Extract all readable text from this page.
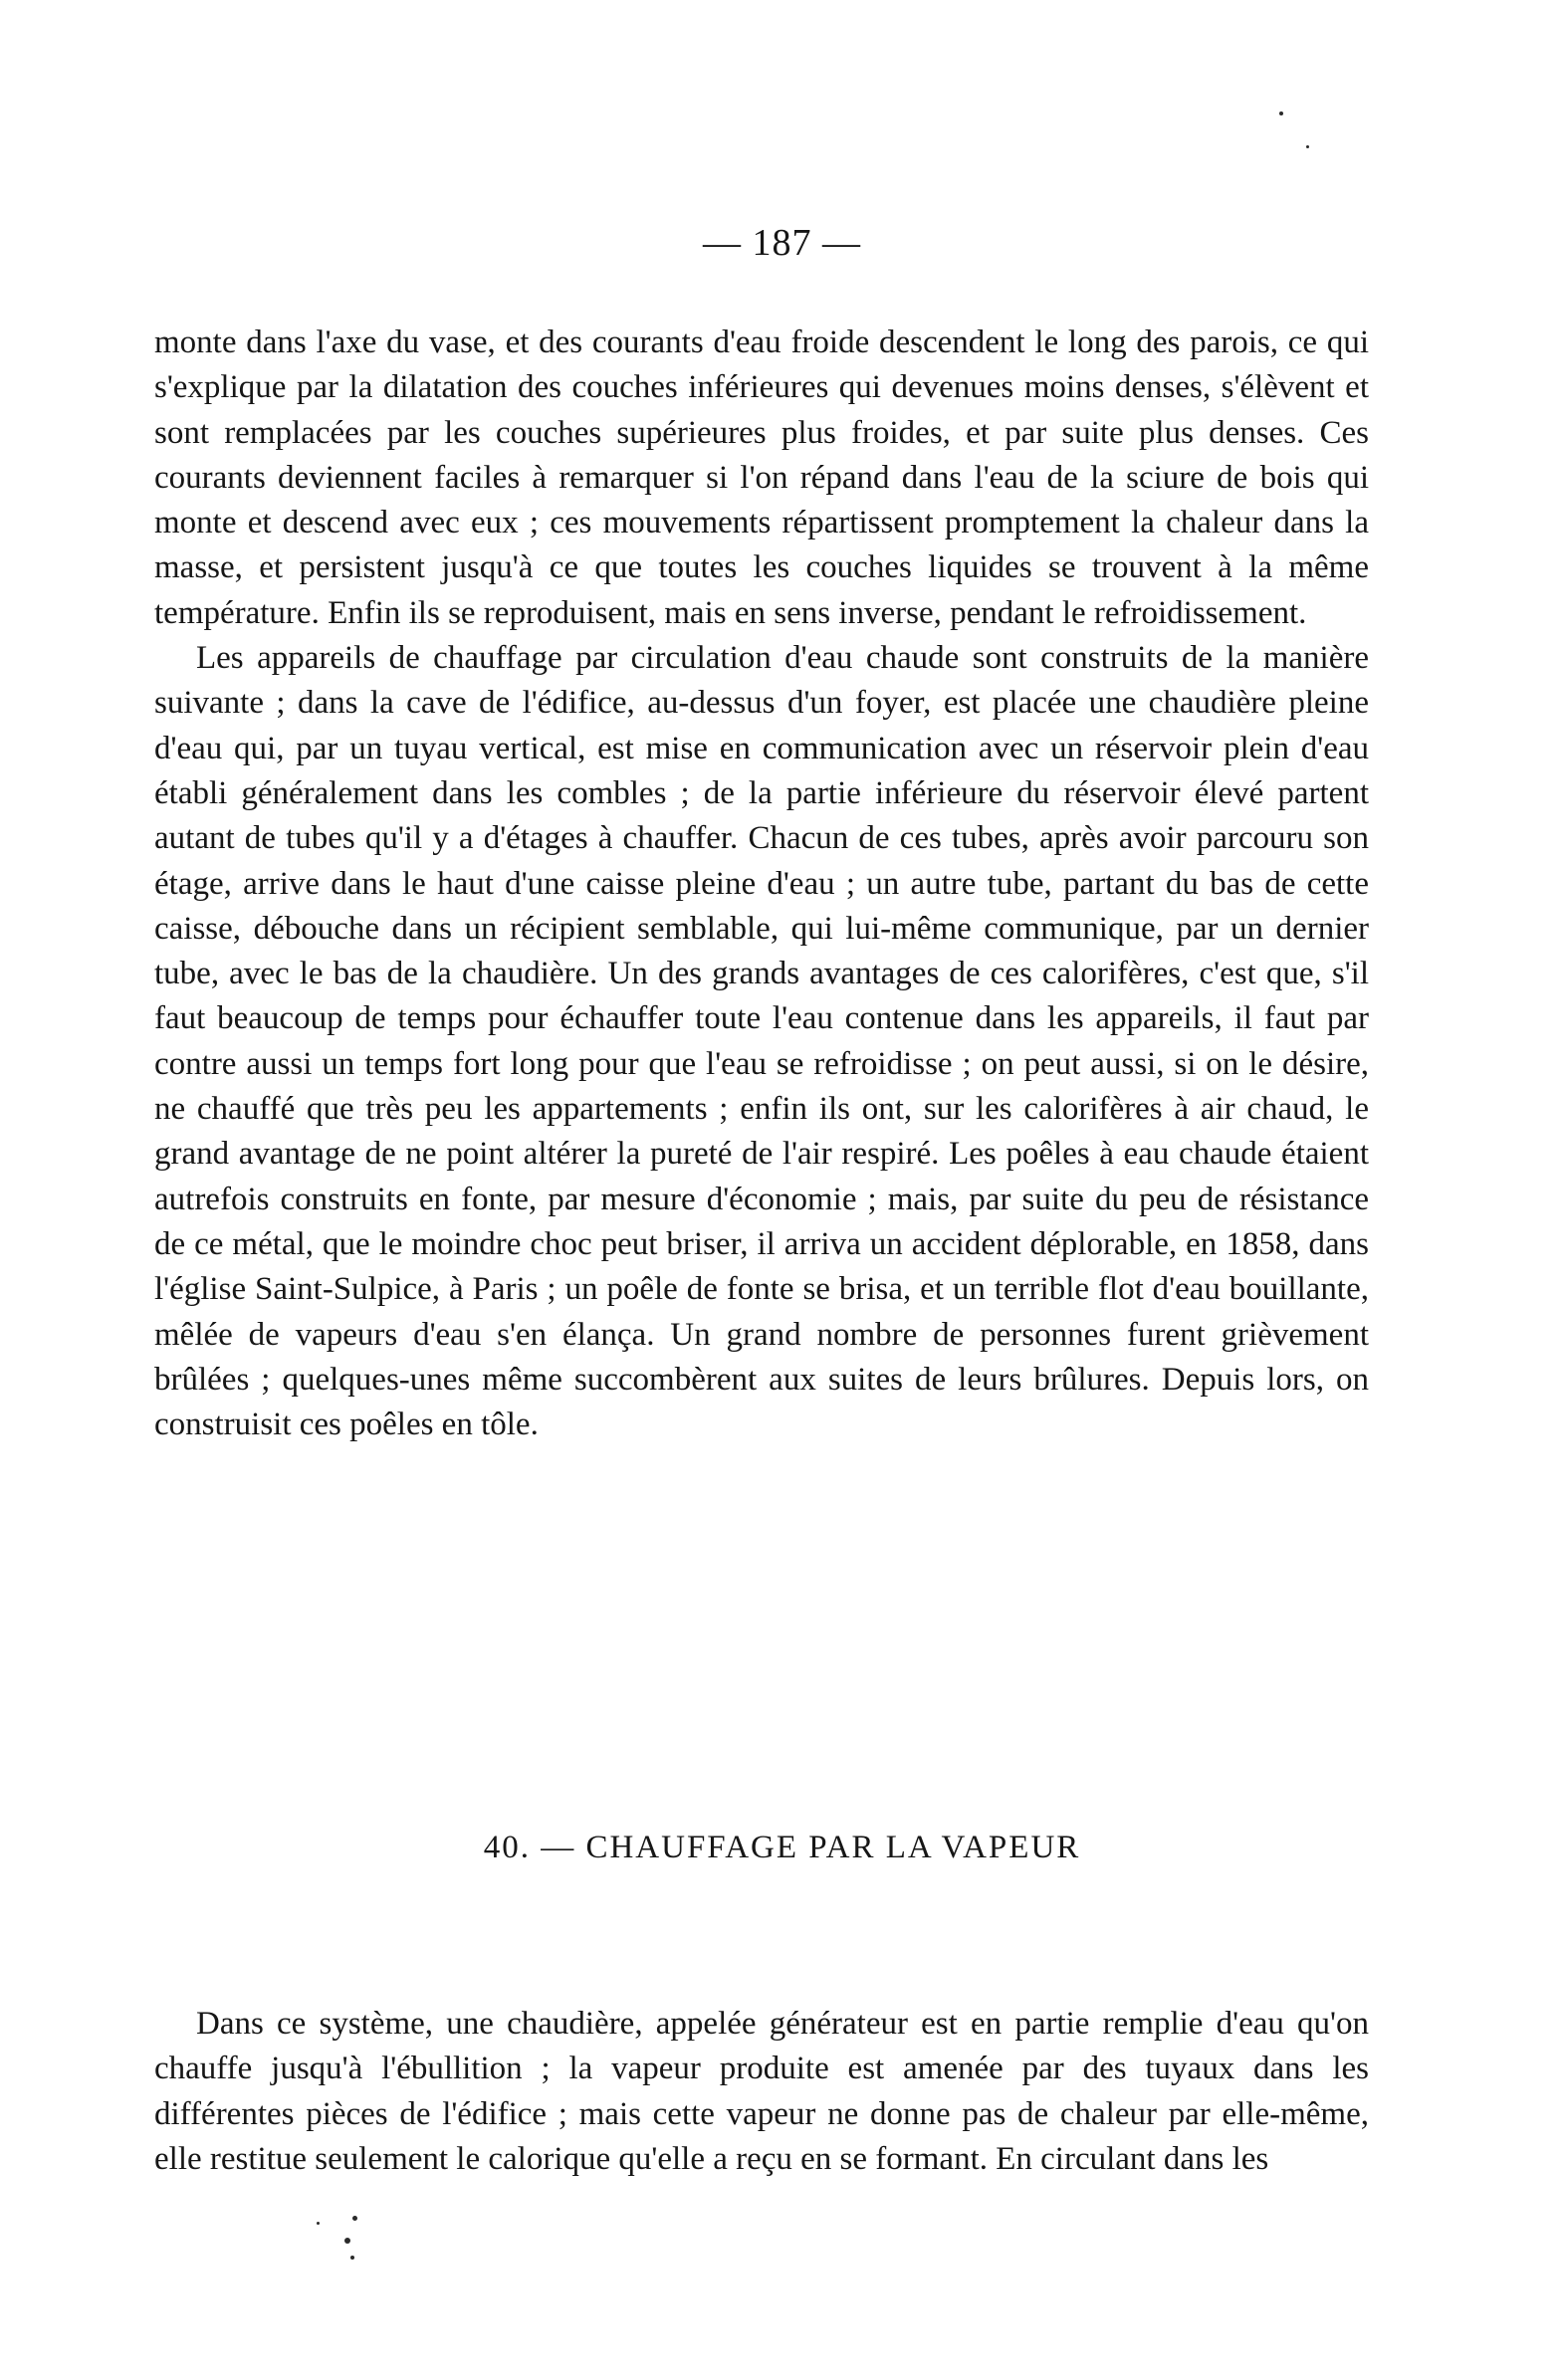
— 187 —

monte dans l'axe du vase, et des courants d'eau froide descendent le long des parois, ce qui s'explique par la dilatation des couches inférieures qui devenues moins denses, s'élèvent et sont remplacées par les couches supérieures plus froides, et par suite plus denses. Ces courants deviennent faciles à remarquer si l'on répand dans l'eau de la sciure de bois qui monte et descend avec eux ; ces mouvements répartissent promptement la chaleur dans la masse, et persistent jusqu'à ce que toutes les couches liquides se trouvent à la même température. Enfin ils se reproduisent, mais en sens inverse, pendant le refroidissement.

Les appareils de chauffage par circulation d'eau chaude sont construits de la manière suivante ; dans la cave de l'édifice, au-dessus d'un foyer, est placée une chaudière pleine d'eau qui, par un tuyau vertical, est mise en communication avec un réservoir plein d'eau établi généralement dans les combles ; de la partie inférieure du réservoir élevé partent autant de tubes qu'il y a d'étages à chauffer. Chacun de ces tubes, après avoir parcouru son étage, arrive dans le haut d'une caisse pleine d'eau ; un autre tube, partant du bas de cette caisse, débouche dans un récipient semblable, qui lui-même communique, par un dernier tube, avec le bas de la chaudière. Un des grands avantages de ces calorifères, c'est que, s'il faut beaucoup de temps pour échauffer toute l'eau contenue dans les appareils, il faut par contre aussi un temps fort long pour que l'eau se refroidisse ; on peut aussi, si on le désire, ne chauffé que très peu les appartements ; enfin ils ont, sur les calorifères à air chaud, le grand avantage de ne point altérer la pureté de l'air respiré. Les poêles à eau chaude étaient autrefois construits en fonte, par mesure d'économie ; mais, par suite du peu de résistance de ce métal, que le moindre choc peut briser, il arriva un accident déplorable, en 1858, dans l'église Saint-Sulpice, à Paris ; un poêle de fonte se brisa, et un terrible flot d'eau bouillante, mêlée de vapeurs d'eau s'en élança. Un grand nombre de personnes furent grièvement brûlées ; quelques-unes même succombèrent aux suites de leurs brûlures. Depuis lors, on construisit ces poêles en tôle.

40. — CHAUFFAGE PAR LA VAPEUR

Dans ce système, une chaudière, appelée générateur est en partie remplie d'eau qu'on chauffe jusqu'à l'ébullition ; la vapeur produite est amenée par des tuyaux dans les différentes pièces de l'édifice ; mais cette vapeur ne donne pas de chaleur par elle-même, elle restitue seulement le calorique qu'elle a reçu en se formant. En circulant dans les
